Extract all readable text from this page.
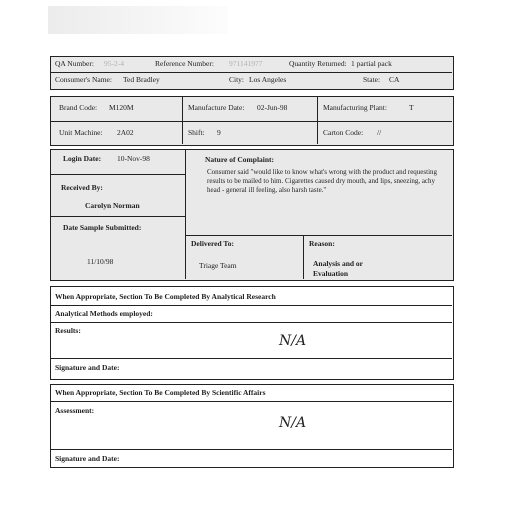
QA Number: 95-2-4	Reference Number: 971141977	Quantity Returned: 1 partial pack
Consumer's Name: Ted Bradley	City: Los Angeles	State: CA
Brand Code: M120M	Manufacture Date: 02-Jun-98	Manufacturing Plant:	T
Unit Machine: 2A02	Shift: 9	Carton Code: //
Login Date: 10-Nov-98
Received By:
Carolyn Norman
Date Sample Submitted:
11/10/98
Nature of Complaint:
Consumer said "would like to know what's wrong with the product and requesting results to be mailed to him. Cigarettes caused dry mouth, and lips, sneezing, achy head - general ill feeling, also harsh taste."
Delivered To:
Triage Team
Reason:
Analysis and or
Evaluation
When Appropriate, Section To Be Completed By Analytical Research
Analytical Methods employed:
Results:
N/A
Signature and Date:
When Appropriate, Section To Be Completed By Scientific Affairs
Assessment:
N/A
Signature and Date:
